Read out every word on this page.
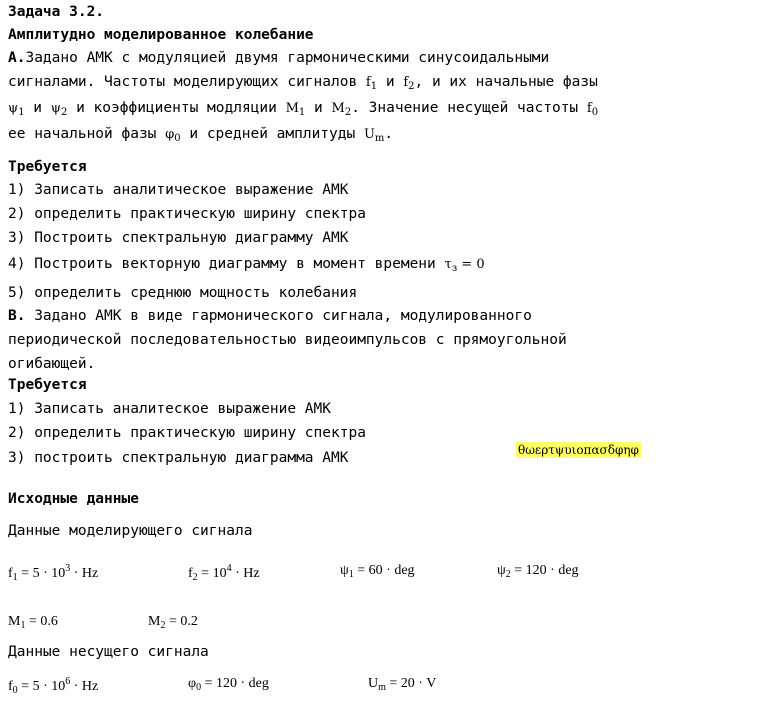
Задача 3.2.
Амплитудно моделированное колебание
А.Задано АМК с модуляцией двумя гармоническими синусоидальными
сигналами. Частоты моделирующих сигналов $f_1$ и $f_2$, и их начальные фазы
$\psi_1$ и $\psi_2$ и коэффициенты модляции $M_1$ и $M_2$. Значение несущей частоты $f_0$
ее начальной фазы $\varphi_0$ и средней амплитуды $U_m$.
Требуется
1) Записать аналитическое выражение АМК
2) определить практическую ширину спектра
3) Построить спектральную диаграмму АМК
4) Построить векторную диаграмму в момент времени $\tau_з = 0$
5) определить среднюю мощность колебания
В. Задано АМК в виде гармонического сигнала, модулированного
периодической последовательностью видеоимпульсов с прямоугольной
огибающей.
Требуется
1) Записать аналитеское выражение АМК
2) определить практическую ширину спектра
3) построить спектральную диаграмма АМК	θωερτψυιοπασδφηφ
Исходные данные
Данные моделирующего сигнала
$f_1 = 5 \cdot 10^3 \cdot Hz$	$f_2 = 10^4 \cdot Hz$	$\psi_1 = 60$ · deg	$\psi_2 = 120$ · deg
$M_1 = 0.6$	$M_2 = 0.2$
Данные несущего сигнала
$f_0 = 5 \cdot 10^6 \cdot Hz$	$\varphi_0 = 120$ · deg	$U_m = 20 \cdot V$
